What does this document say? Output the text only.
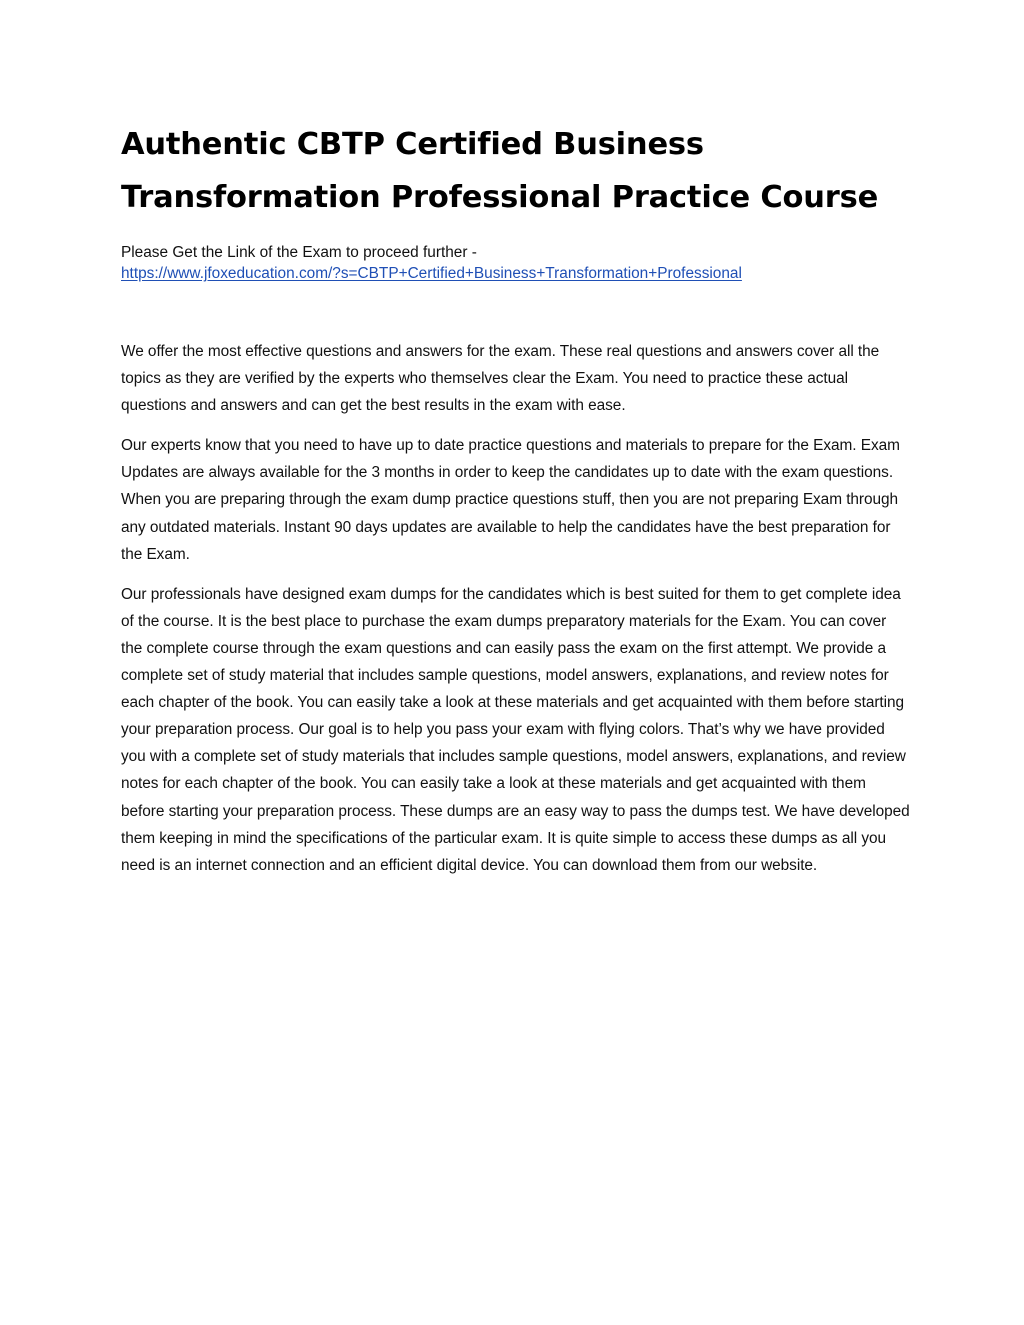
Authentic CBTP Certified Business Transformation Professional Practice Course
Please Get the Link of the Exam to proceed further -
https://www.jfoxeducation.com/?s=CBTP+Certified+Business+Transformation+Professional

We offer the most effective questions and answers for the exam. These real questions and answers cover all the topics as they are verified by the experts who themselves clear the Exam. You need to practice these actual questions and answers and can get the best results in the exam with ease.

Our experts know that you need to have up to date practice questions and materials to prepare for the Exam. Exam Updates are always available for the 3 months in order to keep the candidates up to date with the exam questions. When you are preparing through the exam dump practice questions stuff, then you are not preparing Exam through any outdated materials. Instant 90 days updates are available to help the candidates have the best preparation for the Exam.

Our professionals have designed exam dumps for the candidates which is best suited for them to get complete idea of the course. It is the best place to purchase the exam dumps preparatory materials for the Exam. You can cover the complete course through the exam questions and can easily pass the exam on the first attempt. We provide a complete set of study material that includes sample questions, model answers, explanations, and review notes for each chapter of the book. You can easily take a look at these materials and get acquainted with them before starting your preparation process. Our goal is to help you pass your exam with flying colors. That’s why we have provided you with a complete set of study materials that includes sample questions, model answers, explanations, and review notes for each chapter of the book. You can easily take a look at these materials and get acquainted with them before starting your preparation process. These dumps are an easy way to pass the dumps test. We have developed them keeping in mind the specifications of the particular exam. It is quite simple to access these dumps as all you need is an internet connection and an efficient digital device. You can download them from our website.
